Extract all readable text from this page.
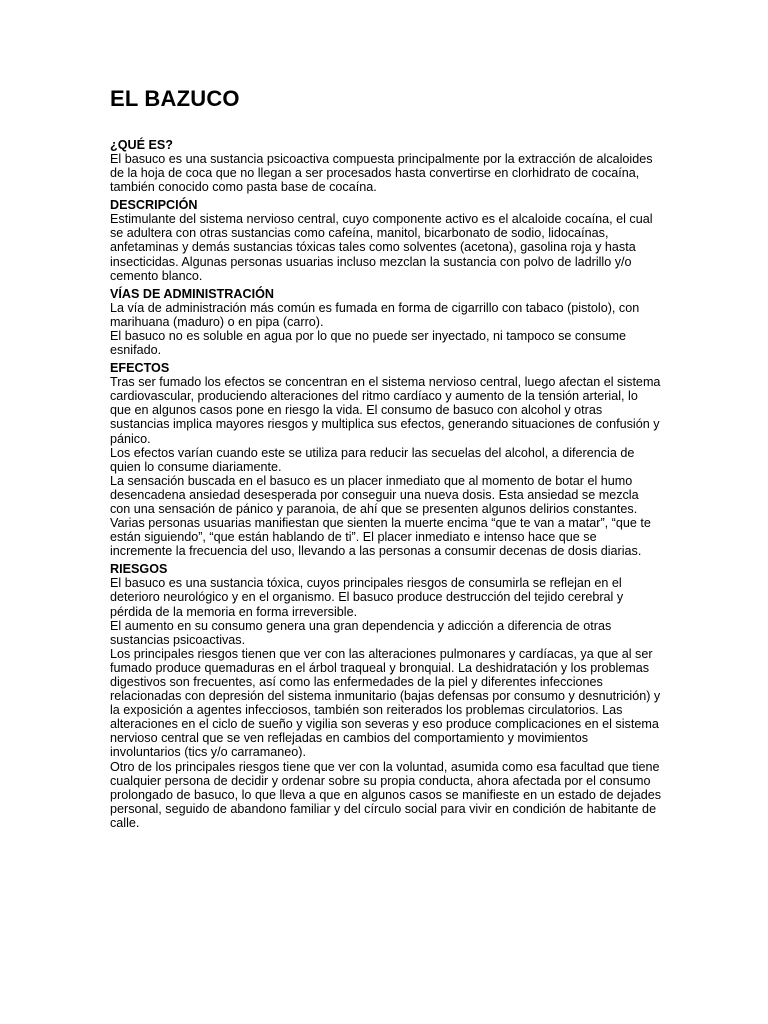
EL BAZUCO
¿QUÉ ES?

El basuco es una sustancia psicoactiva compuesta principalmente por la extracción de alcaloides de la hoja de coca que no llegan a ser procesados hasta convertirse en clorhidrato de cocaína, también conocido como pasta base de cocaína.

DESCRIPCIÓN

Estimulante del sistema nervioso central, cuyo componente activo es el alcaloide cocaína, el cual se adultera con otras sustancias como cafeína, manitol, bicarbonato de sodio, lidocaínas, anfetaminas y demás sustancias tóxicas tales como solventes (acetona), gasolina roja y hasta insecticidas. Algunas personas usuarias incluso mezclan la sustancia con polvo de ladrillo y/o cemento blanco.

VÍAS DE ADMINISTRACIÓN

La vía de administración más común es fumada en forma de cigarrillo con tabaco (pistolo), con marihuana (maduro) o en pipa (carro).

El basuco no es soluble en agua por lo que no puede ser inyectado, ni tampoco se consume esnifado.

EFECTOS

Tras ser fumado los efectos se concentran en el sistema nervioso central, luego afectan el sistema cardiovascular, produciendo alteraciones del ritmo cardíaco y aumento de la tensión arterial, lo que en algunos casos pone en riesgo la vida. El consumo de basuco con alcohol y otras sustancias implica mayores riesgos y multiplica sus efectos, generando situaciones de confusión y pánico.

Los efectos varían cuando este se utiliza para reducir las secuelas del alcohol, a diferencia de quien lo consume diariamente.

La sensación buscada en el basuco es un placer inmediato que al momento de botar el humo desencadena ansiedad desesperada por conseguir una nueva dosis. Esta ansiedad se mezcla con una sensación de pánico y paranoia, de ahí que se presenten algunos delirios constantes. Varias personas usuarias manifiestan que sienten la muerte encima “que te van a matar”, “que te están siguiendo”, “que están hablando de ti”. El placer inmediato e intenso hace que se incremente la frecuencia del uso, llevando a las personas a consumir decenas de dosis diarias.

RIESGOS

El basuco es una sustancia tóxica, cuyos principales riesgos de consumirla se reflejan en el deterioro neurológico y en el organismo. El basuco produce destrucción del tejido cerebral y pérdida de la memoria en forma irreversible.

El aumento en su consumo genera una gran dependencia y adicción a diferencia de otras sustancias psicoactivas.

Los principales riesgos tienen que ver con las alteraciones pulmonares y cardíacas, ya que al ser fumado produce quemaduras en el árbol traqueal y bronquial. La deshidratación y los problemas digestivos son frecuentes, así como las enfermedades de la piel y diferentes infecciones relacionadas con depresión del sistema inmunitario (bajas defensas por consumo y desnutrición) y la exposición a agentes infecciosos, también son reiterados los problemas circulatorios. Las alteraciones en el ciclo de sueño y vigilia son severas y eso produce complicaciones en el sistema nervioso central que se ven reflejadas en cambios del comportamiento y movimientos involuntarios (tics y/o carramaneo).

Otro de los principales riesgos tiene que ver con la voluntad, asumida como esa facultad que tiene cualquier persona de decidir y ordenar sobre su propia conducta, ahora afectada por el consumo prolongado de basuco, lo que lleva a que en algunos casos se manifieste en un estado de dejades personal, seguido de abandono familiar y del círculo social para vivir en condición de habitante de calle.
